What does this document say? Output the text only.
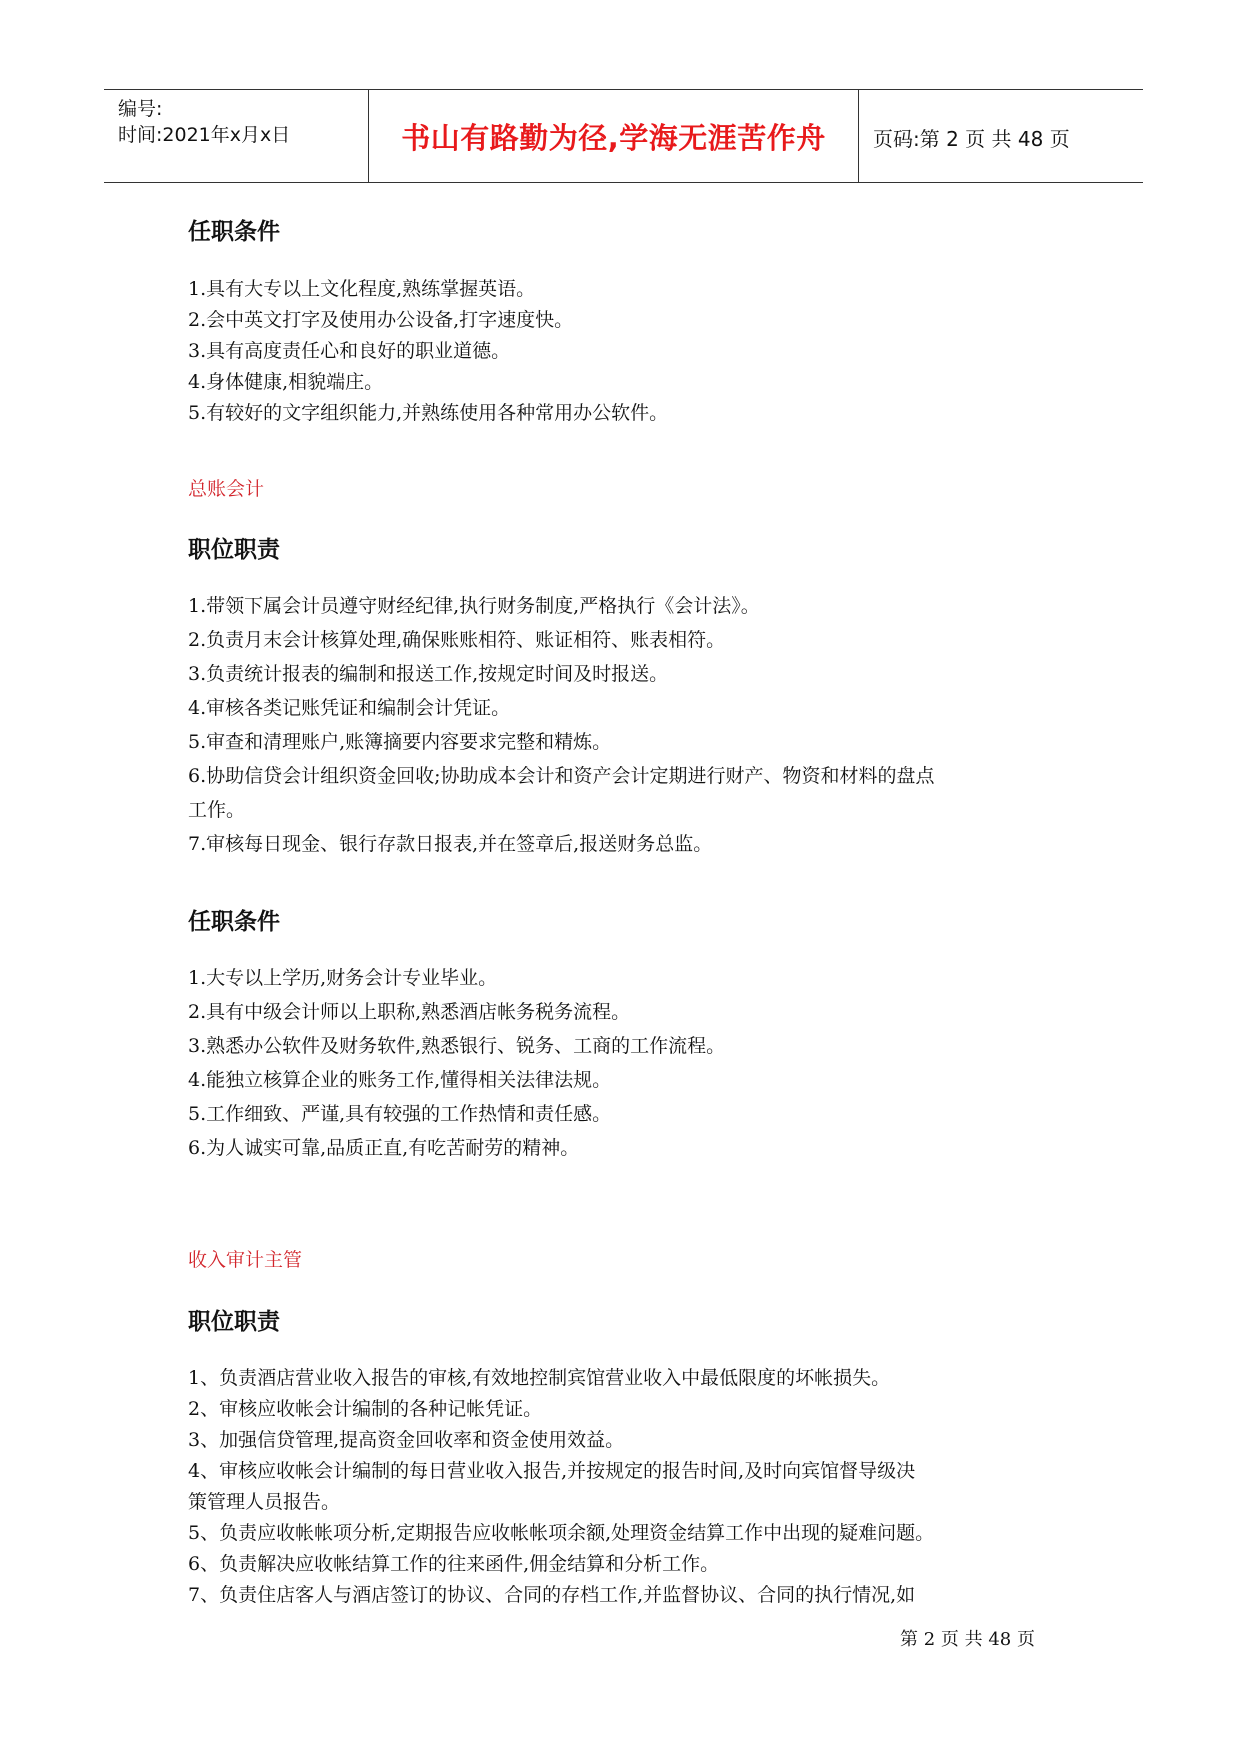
编号:
时间:2021年x月x日	书山有路勤为径,学海无涯苦作舟	页码:第 2 页 共 48 页
任职条件
1.具有大专以上文化程度,熟练掌握英语。
2.会中英文打字及使用办公设备,打字速度快。
3.具有高度责任心和良好的职业道德。
4.身体健康,相貌端庄。
5.有较好的文字组织能力,并熟练使用各种常用办公软件。
总账会计
职位职责
1.带领下属会计员遵守财经纪律,执行财务制度,严格执行《会计法》。
2.负责月末会计核算处理,确保账账相符、账证相符、账表相符。
3.负责统计报表的编制和报送工作,按规定时间及时报送。
4.审核各类记账凭证和编制会计凭证。
5.审查和清理账户,账簿摘要内容要求完整和精炼。
6.协助信贷会计组织资金回收;协助成本会计和资产会计定期进行财产、物资和材料的盘点
工作。
7.审核每日现金、银行存款日报表,并在签章后,报送财务总监。
任职条件
1.大专以上学历,财务会计专业毕业。
2.具有中级会计师以上职称,熟悉酒店帐务税务流程。
3.熟悉办公软件及财务软件,熟悉银行、锐务、工商的工作流程。
4.能独立核算企业的账务工作,懂得相关法律法规。
5.工作细致、严谨,具有较强的工作热情和责任感。
6.为人诚实可靠,品质正直,有吃苦耐劳的精神。
收入审计主管
职位职责
1、负责酒店营业收入报告的审核,有效地控制宾馆营业收入中最低限度的坏帐损失。
2、审核应收帐会计编制的各种记帐凭证。
3、加强信贷管理,提高资金回收率和资金使用效益。
4、审核应收帐会计编制的每日营业收入报告,并按规定的报告时间,及时向宾馆督导级决
策管理人员报告。
5、负责应收帐帐项分析,定期报告应收帐帐项余额,处理资金结算工作中出现的疑难问题。
6、负责解决应收帐结算工作的往来函件,佣金结算和分析工作。
7、负责住店客人与酒店签订的协议、合同的存档工作,并监督协议、合同的执行情况,如
第 2 页 共 48 页
